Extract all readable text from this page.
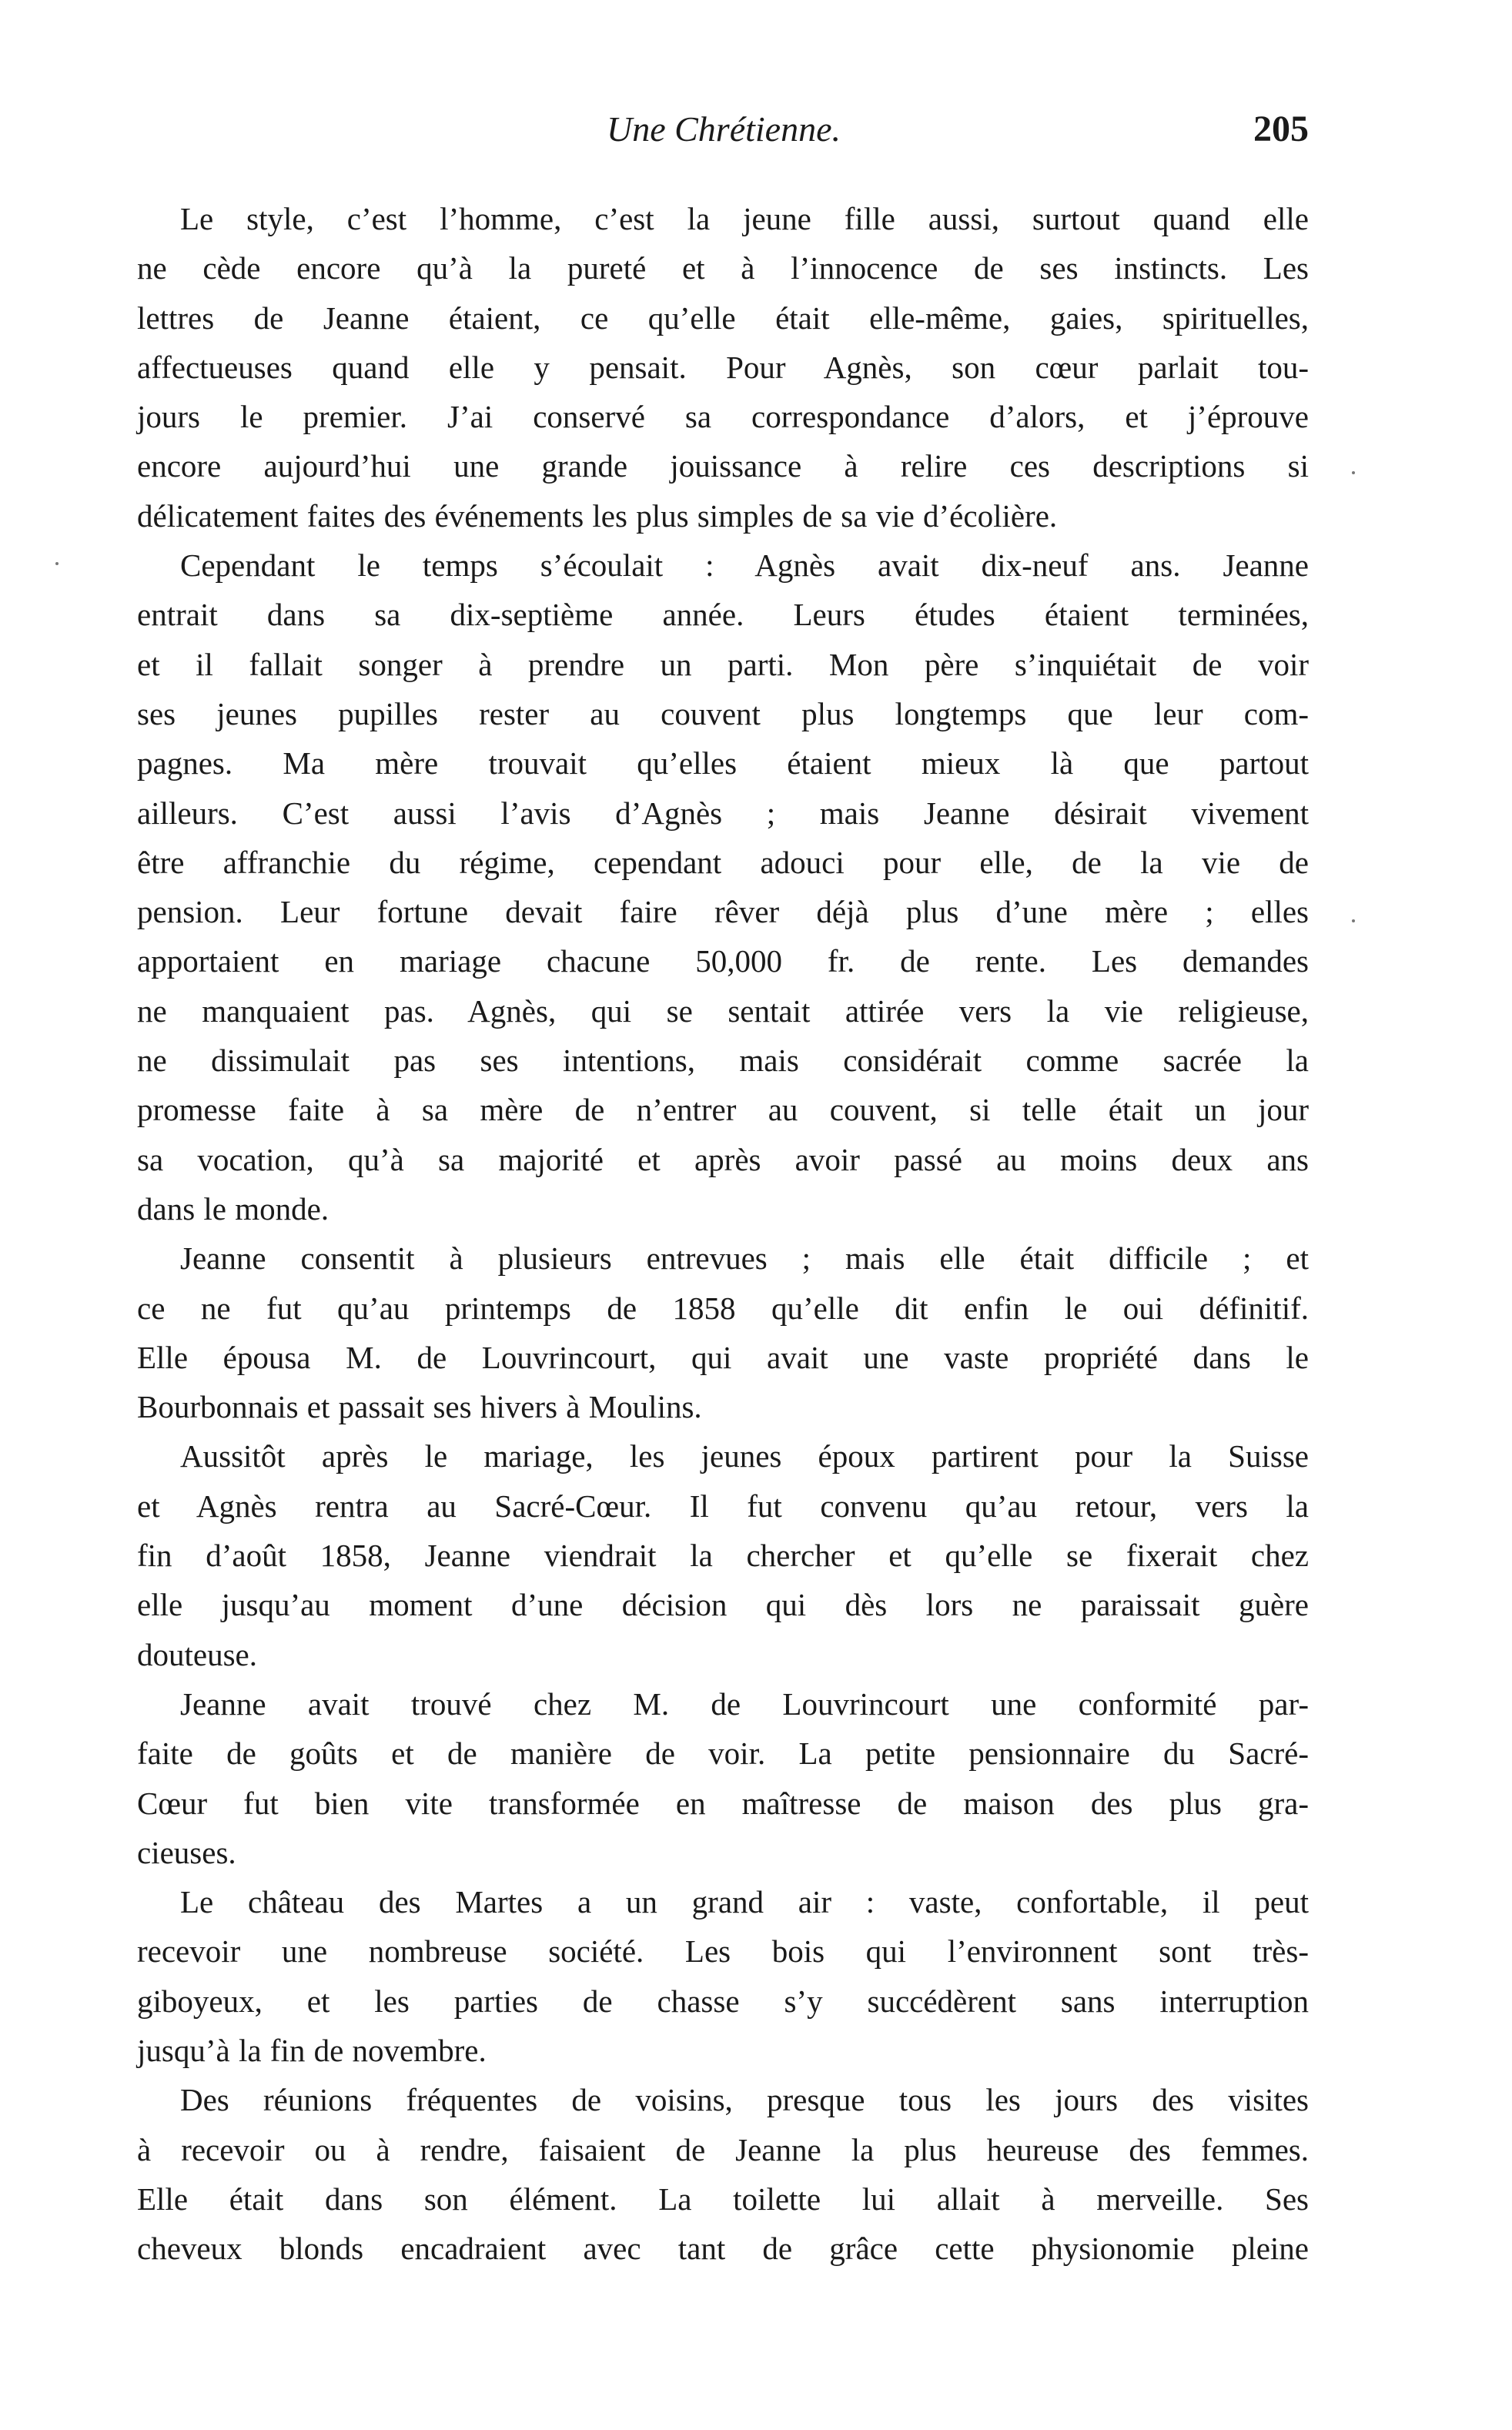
Une Chrétienne.	205
Le style, c’est l’homme, c’est la jeune fille aussi, surtout quand elle
ne cède encore qu’à la pureté et à l’innocence de ses instincts. Les
lettres de Jeanne étaient, ce qu’elle était elle-même, gaies, spirituelles,
affectueuses quand elle y pensait. Pour Agnès, son cœur parlait tou-
jours le premier. J’ai conservé sa correspondance d’alors, et j’éprouve
encore aujourd’hui une grande jouissance à relire ces descriptions si
délicatement faites des événements les plus simples de sa vie d’écolière.
Cependant le temps s’écoulait : Agnès avait dix-neuf ans. Jeanne
entrait dans sa dix-septième année. Leurs études étaient terminées,
et il fallait songer à prendre un parti. Mon père s’inquiétait de voir
ses jeunes pupilles rester au couvent plus longtemps que leur com-
pagnes. Ma mère trouvait qu’elles étaient mieux là que partout
ailleurs. C’est aussi l’avis d’Agnès ; mais Jeanne désirait vivement
être affranchie du régime, cependant adouci pour elle, de la vie de
pension. Leur fortune devait faire rêver déjà plus d’une mère ; elles
apportaient en mariage chacune 50,000 fr. de rente. Les demandes
ne manquaient pas. Agnès, qui se sentait attirée vers la vie religieuse,
ne dissimulait pas ses intentions, mais considérait comme sacrée la
promesse faite à sa mère de n’entrer au couvent, si telle était un jour
sa vocation, qu’à sa majorité et après avoir passé au moins deux ans
dans le monde.
Jeanne consentit à plusieurs entrevues ; mais elle était difficile ; et
ce ne fut qu’au printemps de 1858 qu’elle dit enfin le oui définitif.
Elle épousa M. de Louvrincourt, qui avait une vaste propriété dans le
Bourbonnais et passait ses hivers à Moulins.
Aussitôt après le mariage, les jeunes époux partirent pour la Suisse
et Agnès rentra au Sacré-Cœur. Il fut convenu qu’au retour, vers la
fin d’août 1858, Jeanne viendrait la chercher et qu’elle se fixerait chez
elle jusqu’au moment d’une décision qui dès lors ne paraissait guère
douteuse.
Jeanne avait trouvé chez M. de Louvrincourt une conformité par-
faite de goûts et de manière de voir. La petite pensionnaire du Sacré-
Cœur fut bien vite transformée en maîtresse de maison des plus gra-
cieuses.
Le château des Martes a un grand air : vaste, confortable, il peut
recevoir une nombreuse société. Les bois qui l’environnent sont très-
giboyeux, et les parties de chasse s’y succédèrent sans interruption
jusqu’à la fin de novembre.
Des réunions fréquentes de voisins, presque tous les jours des visites
à recevoir ou à rendre, faisaient de Jeanne la plus heureuse des femmes.
Elle était dans son élément. La toilette lui allait à merveille. Ses
cheveux blonds encadraient avec tant de grâce cette physionomie pleine
